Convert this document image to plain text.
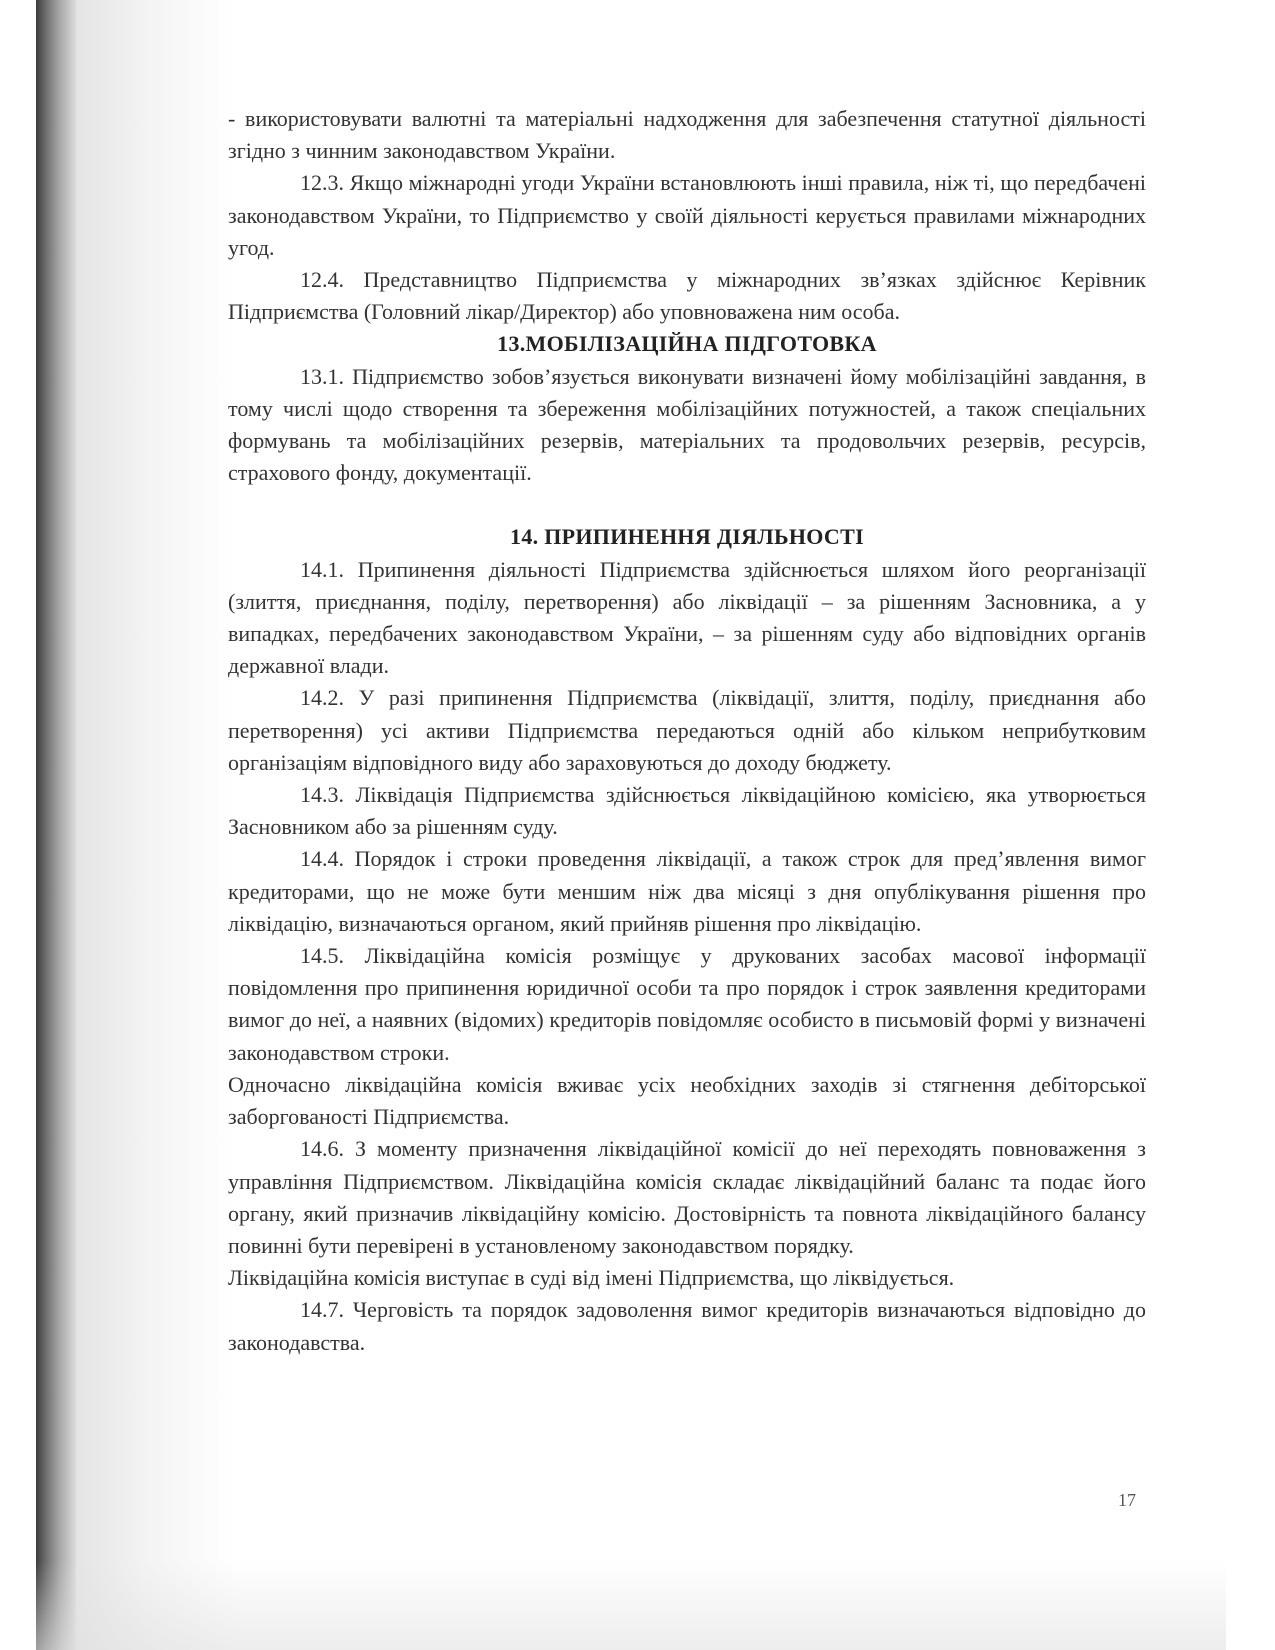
- використовувати валютні та матеріальні надходження для забезпечення статутної діяльності згідно з чинним законодавством України.

12.3. Якщо міжнародні угоди України встановлюють інші правила, ніж ті, що передбачені законодавством України, то Підприємство у своїй діяльності керується правилами міжнародних угод.

12.4. Представництво Підприємства у міжнародних зв’язках здійснює Керівник Підприємства (Головний лікар/Директор) або уповноважена ним особа.

13.МОБІЛІЗАЦІЙНА ПІДГОТОВКА

13.1. Підприємство зобов’язується виконувати визначені йому мобілізаційні завдання, в тому числі щодо створення та збереження мобілізаційних потужностей, а також спеціальних формувань та мобілізаційних резервів, матеріальних та продовольчих резервів, ресурсів, страхового фонду, документації.

14. ПРИПИНЕННЯ ДІЯЛЬНОСТІ

14.1. Припинення діяльності Підприємства здійснюється шляхом його реорганізації (злиття, приєднання, поділу, перетворення) або ліквідації – за рішенням Засновника, а у випадках, передбачених законодавством України, – за рішенням суду або відповідних органів державної влади.

14.2. У разі припинення Підприємства (ліквідації, злиття, поділу, приєднання або перетворення) усі активи Підприємства передаються одній або кільком неприбутковим організаціям відповідного виду або зараховуються до доходу бюджету.

14.3. Ліквідація Підприємства здійснюється ліквідаційною комісією, яка утворюється Засновником або за рішенням суду.

14.4. Порядок і строки проведення ліквідації, а також строк для пред’явлення вимог кредиторами, що не може бути меншим ніж два місяці з дня опублікування рішення про ліквідацію, визначаються органом, який прийняв рішення про ліквідацію.

14.5. Ліквідаційна комісія розміщує у друкованих засобах масової інформації повідомлення про припинення юридичної особи та про порядок і строк заявлення кредиторами вимог до неї, а наявних (відомих) кредиторів повідомляє особисто в письмовій формі у визначені законодавством строки.

Одночасно ліквідаційна комісія вживає усіх необхідних заходів зі стягнення дебіторської заборгованості Підприємства.

14.6. З моменту призначення ліквідаційної комісії до неї переходять повноваження з управління Підприємством. Ліквідаційна комісія складає ліквідаційний баланс та подає його органу, який призначив ліквідаційну комісію. Достовірність та повнота ліквідаційного балансу повинні бути перевірені в установленому законодавством порядку.

Ліквідаційна комісія виступає в суді від імені Підприємства, що ліквідується.

14.7. Черговість та порядок задоволення вимог кредиторів визначаються відповідно до законодавства.

17
